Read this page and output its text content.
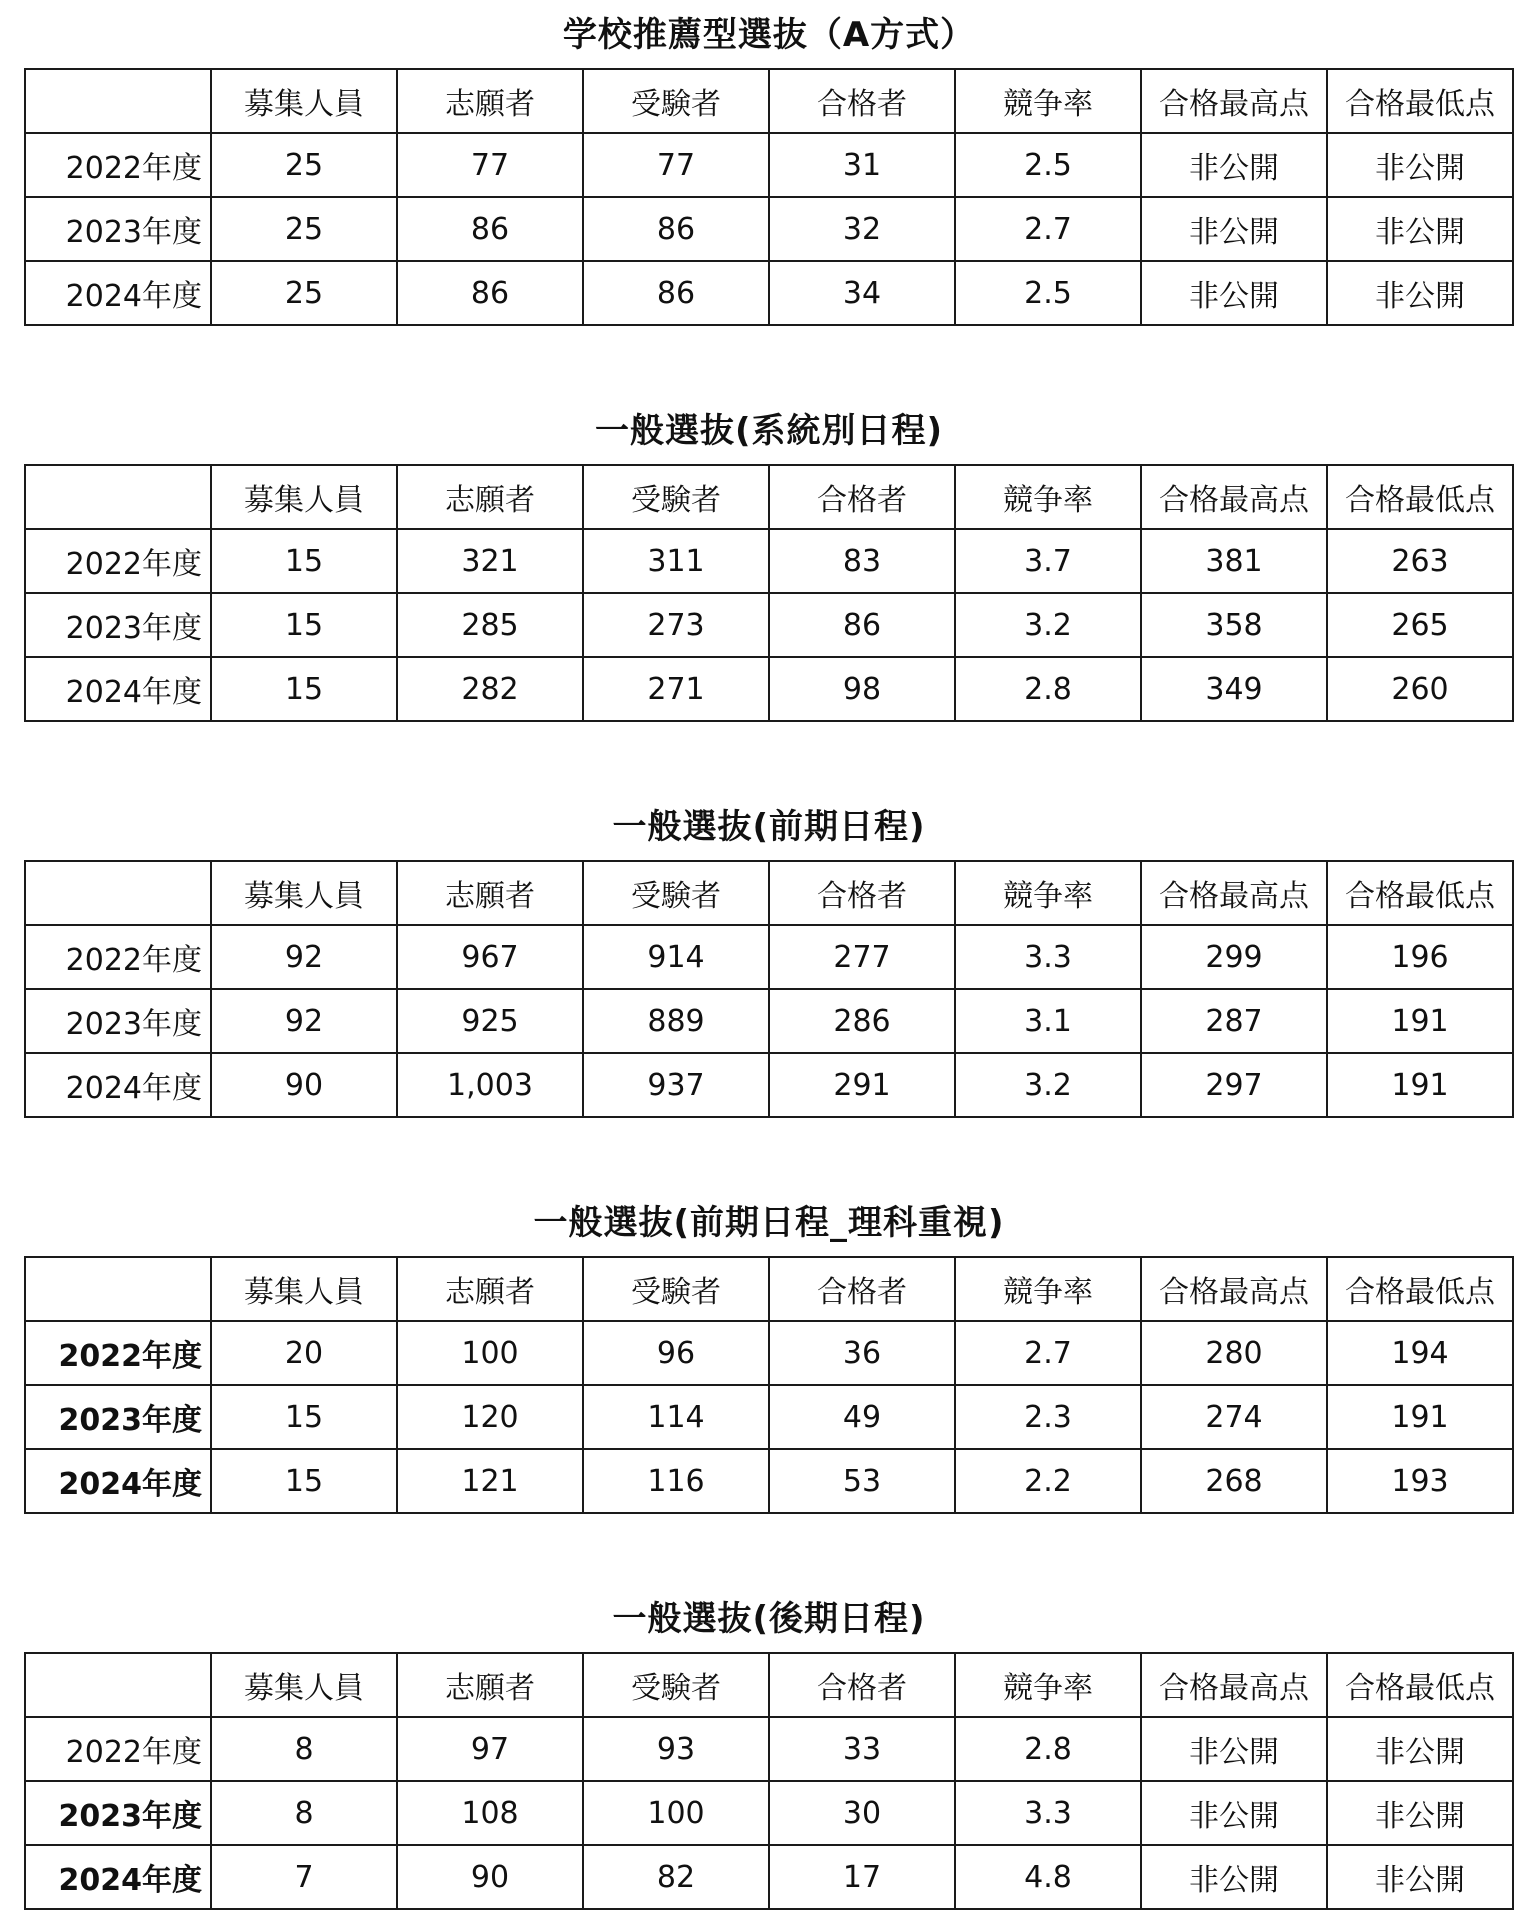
学校推薦型選抜（A方式）
	募集人員	志願者	受験者	合格者	競争率	合格最高点	合格最低点
2022年度	25	77	77	31	2.5	非公開	非公開
2023年度	25	86	86	32	2.7	非公開	非公開
2024年度	25	86	86	34	2.5	非公開	非公開
一般選抜(系統別日程)
	募集人員	志願者	受験者	合格者	競争率	合格最高点	合格最低点
2022年度	15	321	311	83	3.7	381	263
2023年度	15	285	273	86	3.2	358	265
2024年度	15	282	271	98	2.8	349	260
一般選抜(前期日程)
	募集人員	志願者	受験者	合格者	競争率	合格最高点	合格最低点
2022年度	92	967	914	277	3.3	299	196
2023年度	92	925	889	286	3.1	287	191
2024年度	90	1,003	937	291	3.2	297	191
一般選抜(前期日程_理科重視)
	募集人員	志願者	受験者	合格者	競争率	合格最高点	合格最低点
2022年度	20	100	96	36	2.7	280	194
2023年度	15	120	114	49	2.3	274	191
2024年度	15	121	116	53	2.2	268	193
一般選抜(後期日程)
	募集人員	志願者	受験者	合格者	競争率	合格最高点	合格最低点
2022年度	8	97	93	33	2.8	非公開	非公開
2023年度	8	108	100	30	3.3	非公開	非公開
2024年度	7	90	82	17	4.8	非公開	非公開
